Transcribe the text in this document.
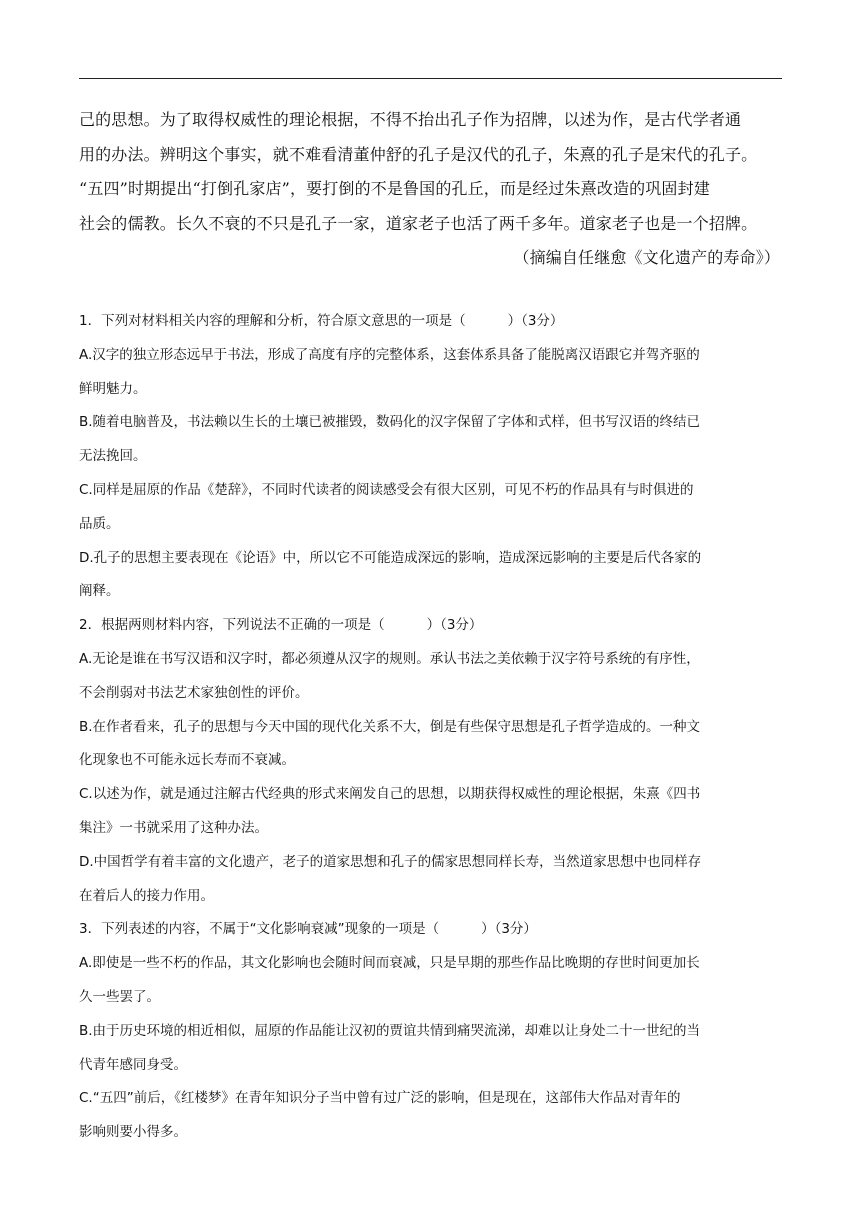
己的思想。为了取得权威性的理论根据，不得不抬出孔子作为招牌，以述为作，是古代学者通
用的办法。辨明这个事实，就不难看清董仲舒的孔子是汉代的孔子，朱熹的孔子是宋代的孔子。
“五四”时期提出“打倒孔家店”，要打倒的不是鲁国的孔丘，而是经过朱熹改造的巩固封建
社会的儒教。长久不衰的不只是孔子一家，道家老子也活了两千多年。道家老子也是一个招牌。
（摘编自任继愈《文化遗产的寿命》）
1．下列对材料相关内容的理解和分析，符合原文意思的一项是（	）（3分）
A.汉字的独立形态远早于书法，形成了高度有序的完整体系，这套体系具备了能脱离汉语跟它并驾齐驱的
鲜明魅力。
B.随着电脑普及，书法赖以生长的土壤已被摧毁，数码化的汉字保留了字体和式样，但书写汉语的终结已
无法挽回。
C.同样是屈原的作品《楚辞》，不同时代读者的阅读感受会有很大区别，可见不朽的作品具有与时俱进的
品质。
D.孔子的思想主要表现在《论语》中，所以它不可能造成深远的影响，造成深远影响的主要是后代各家的
阐释。
2．根据两则材料内容，下列说法不正确的一项是（	）（3分）
A.无论是谁在书写汉语和汉字时，都必须遵从汉字的规则。承认书法之美依赖于汉字符号系统的有序性，
不会削弱对书法艺术家独创性的评价。
B.在作者看来，孔子的思想与今天中国的现代化关系不大，倒是有些保守思想是孔子哲学造成的。一种文
化现象也不可能永远长寿而不衰减。
C.以述为作，就是通过注解古代经典的形式来阐发自己的思想，以期获得权威性的理论根据，朱熹《四书
集注》一书就采用了这种办法。
D.中国哲学有着丰富的文化遗产，老子的道家思想和孔子的儒家思想同样长寿，当然道家思想中也同样存
在着后人的接力作用。
3．下列表述的内容，不属于“文化影响衰减”现象的一项是（	）（3分）
A.即使是一些不朽的作品，其文化影响也会随时间而衰减，只是早期的那些作品比晚期的存世时间更加长
久一些罢了。
B.由于历史环境的相近相似，屈原的作品能让汉初的贾谊共情到痛哭流涕，却难以让身处二十一世纪的当
代青年感同身受。
C.“五四”前后，《红楼梦》在青年知识分子当中曾有过广泛的影响，但是现在，这部伟大作品对青年的
影响则要小得多。
